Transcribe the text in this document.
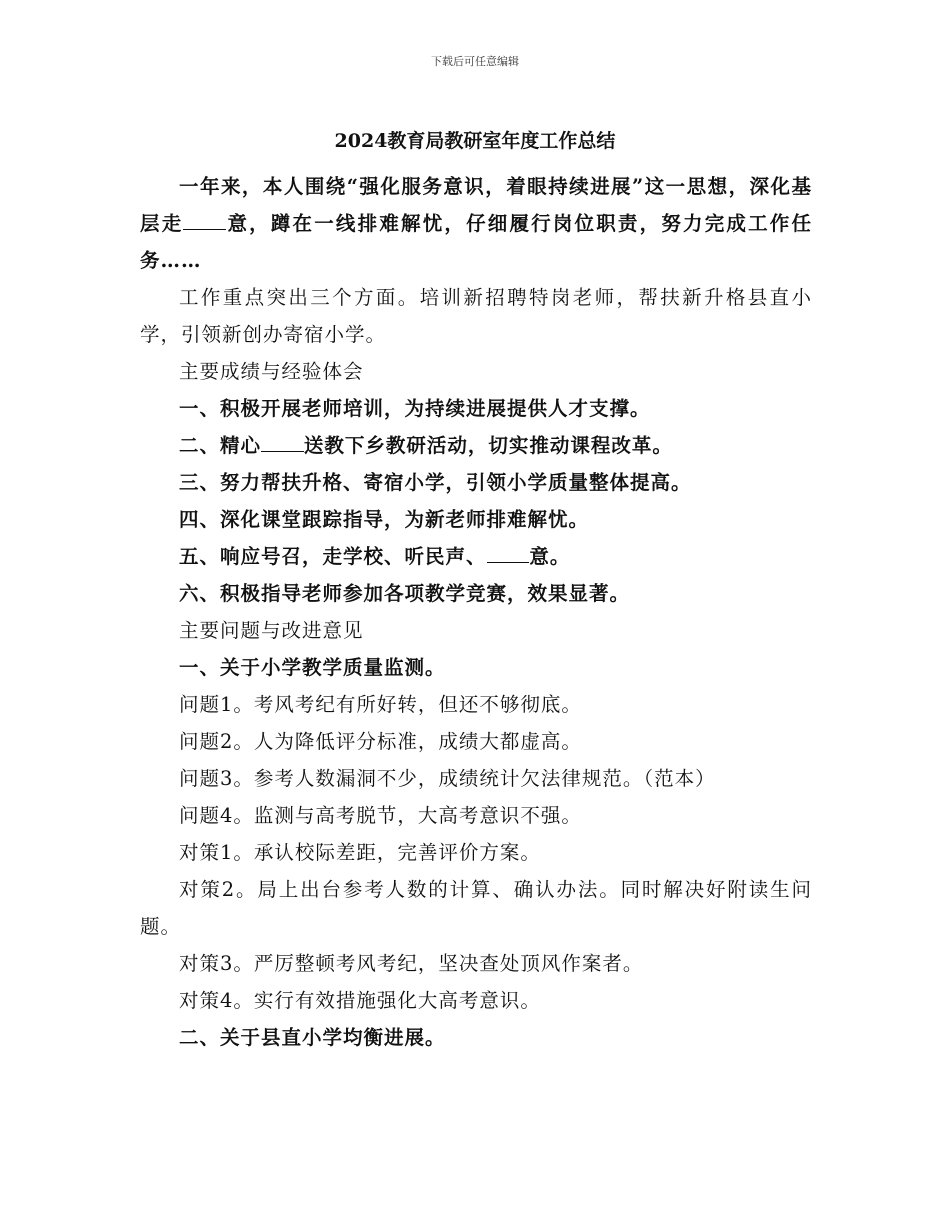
下载后可任意编辑
2024教育局教研室年度工作总结

一年来，本人围绕“强化服务意识，着眼持续进展”这一思想，深化基层走 意，蹲在一线排难解忧，仔细履行岗位职责，努力完成工作任务……

工作重点突出三个方面。培训新招聘特岗老师，帮扶新升格县直小学，引领新创办寄宿小学。

主要成绩与经验体会

一、积极开展老师培训，为持续进展提供人才支撑。

二、精心 送教下乡教研活动，切实推动课程改革。

三、努力帮扶升格、寄宿小学，引领小学质量整体提高。

四、深化课堂跟踪指导，为新老师排难解忧。

五、响应号召，走学校、听民声、 意。

六、积极指导老师参加各项教学竞赛，效果显著。

主要问题与改进意见

一、关于小学教学质量监测。

问题1。考风考纪有所好转，但还不够彻底。

问题2。人为降低评分标准，成绩大都虚高。

问题3。参考人数漏洞不少，成绩统计欠法律规范。（范本）

问题4。监测与高考脱节，大高考意识不强。

对策1。承认校际差距，完善评价方案。

对策2。局上出台参考人数的计算、确认办法。同时解决好附读生问题。

对策3。严厉整顿考风考纪，坚决查处顶风作案者。

对策4。实行有效措施强化大高考意识。

二、关于县直小学均衡进展。
